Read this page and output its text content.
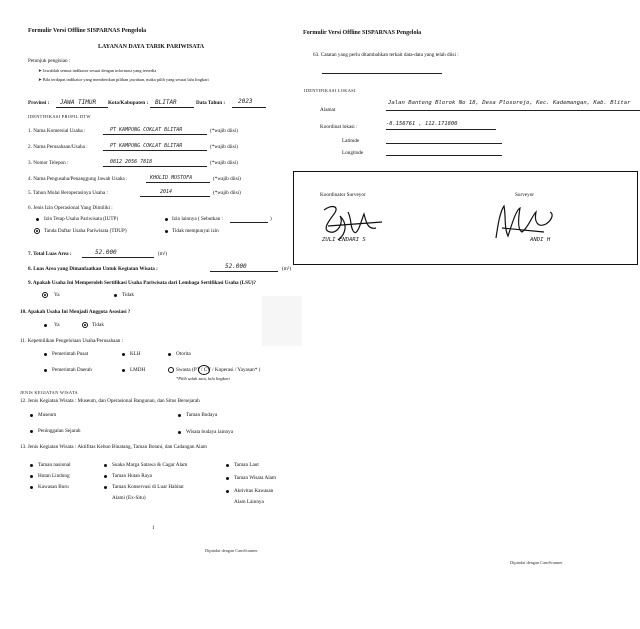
Formulir Versi Offline SISPARNAS Pengelola
LAYANAN DAYA TARIK PARIWISATA
Petunjuk pengisian :
➤ Jawablah semua indikator sesuai dengan informasi yang tersedia
➤ Bila terdapat indikator yang memberikan pilihan jawaban, maka pilih yang sesuai lalu lingkari
Provinsi : JAWA TIMUR Kota/Kabupaten : BLITAR	Data Tahun : 2023
IDENTIFIKASI PROFIL DTW
1. Nama Komersial Usaha :	PT KAMPUNG COKLAT BLITAR	(*wajib diisi)
2. Nama Perusahaan/Usaha :	PT KAMPUNG COKLAT BLITAR	(*wajib diisi)
3. Nomor Telepon :	0812 2056 7818	(*wajib diisi)
4. Nama Pengusaha/Penanggung Jawab Usaha :	KHOLID MUSTOFA	(*wajib diisi)
5. Tahun Mulai Beroperasinya Usaha :	2014	(*wajib diisi)
6. Jenis Izin Operasional Yang Dimiliki :
Izin Tetap Usaha Pariwisata (IUTP)	Izin lainnya ( Sebutkan :	)
Tanda Daftar Usaha Pariwisata (TDUP)	Tidak mempunyai izin
7. Total Luas Area :	52.000	(m²)
8. Luas Area yang Dimanfaatkan Untuk Kegiatan Wisata :	52.000	(m²)
9. Apakah Usaha Ini Memperoleh Sertifikasi Usaha Pariwisata dari Lembaga Sertifikasi Usaha (LSU)?
Ya	Tidak
10. Apakah Usaha Ini Menjadi Anggota Asosiasi ?
Ya	Tidak
11. Kepemilikan Pengelolaan Usaha/Perusahaan :
Pemerintah Pusat	KLH	Otorita
Pemerintah Daerah	LMDH	Swasta (PT / CV / Koperasi / Yayasan* )
*Pilih salah satu, lalu lingkari
JENIS KEGIATAN WISATA
12. Jenis Kegiatan Wisata : Museum, dan Operasional Bangunan, dan Situs Bersejarah
Museum	Taman Budaya
Peninggalan Sejarah	Wisata budaya lainnya
13. Jenis Kegiatan Wisata : Aktifitas Kebun Binatang, Taman Botani, dan Cadangan Alam
Taman nasional
Hutan Lindung
Kawasan Buru
Suaka Marga Satawa & Cagar Alam
Taman Hutan Raya
Taman Konservasi di Luar Habitat
Alami (Ex-Situ)
Taman Laut
Taman Wisata Alam
Aktivitas Kawasan
Alam Lainnya
1
Dipindai dengan CamScanner
Formulir Versi Offline SISPARNAS Pengelola
63. Catatan yang perlu ditambahkan terkait data-data yang telah diisi :
IDENTIFIKASI LOKASI
Alamat
Jalan Banteng Blorok No 18, Desa Plosorejo, Kec. Kademangan, Kab. Blitar
Koordinat lokasi :	-8.156761 , 112.171800
Latitude
Longitude
Koordinator Surveyor	Surveyor
ZULI ENDARI S	ANDI H
Dipindai dengan CamScanner
